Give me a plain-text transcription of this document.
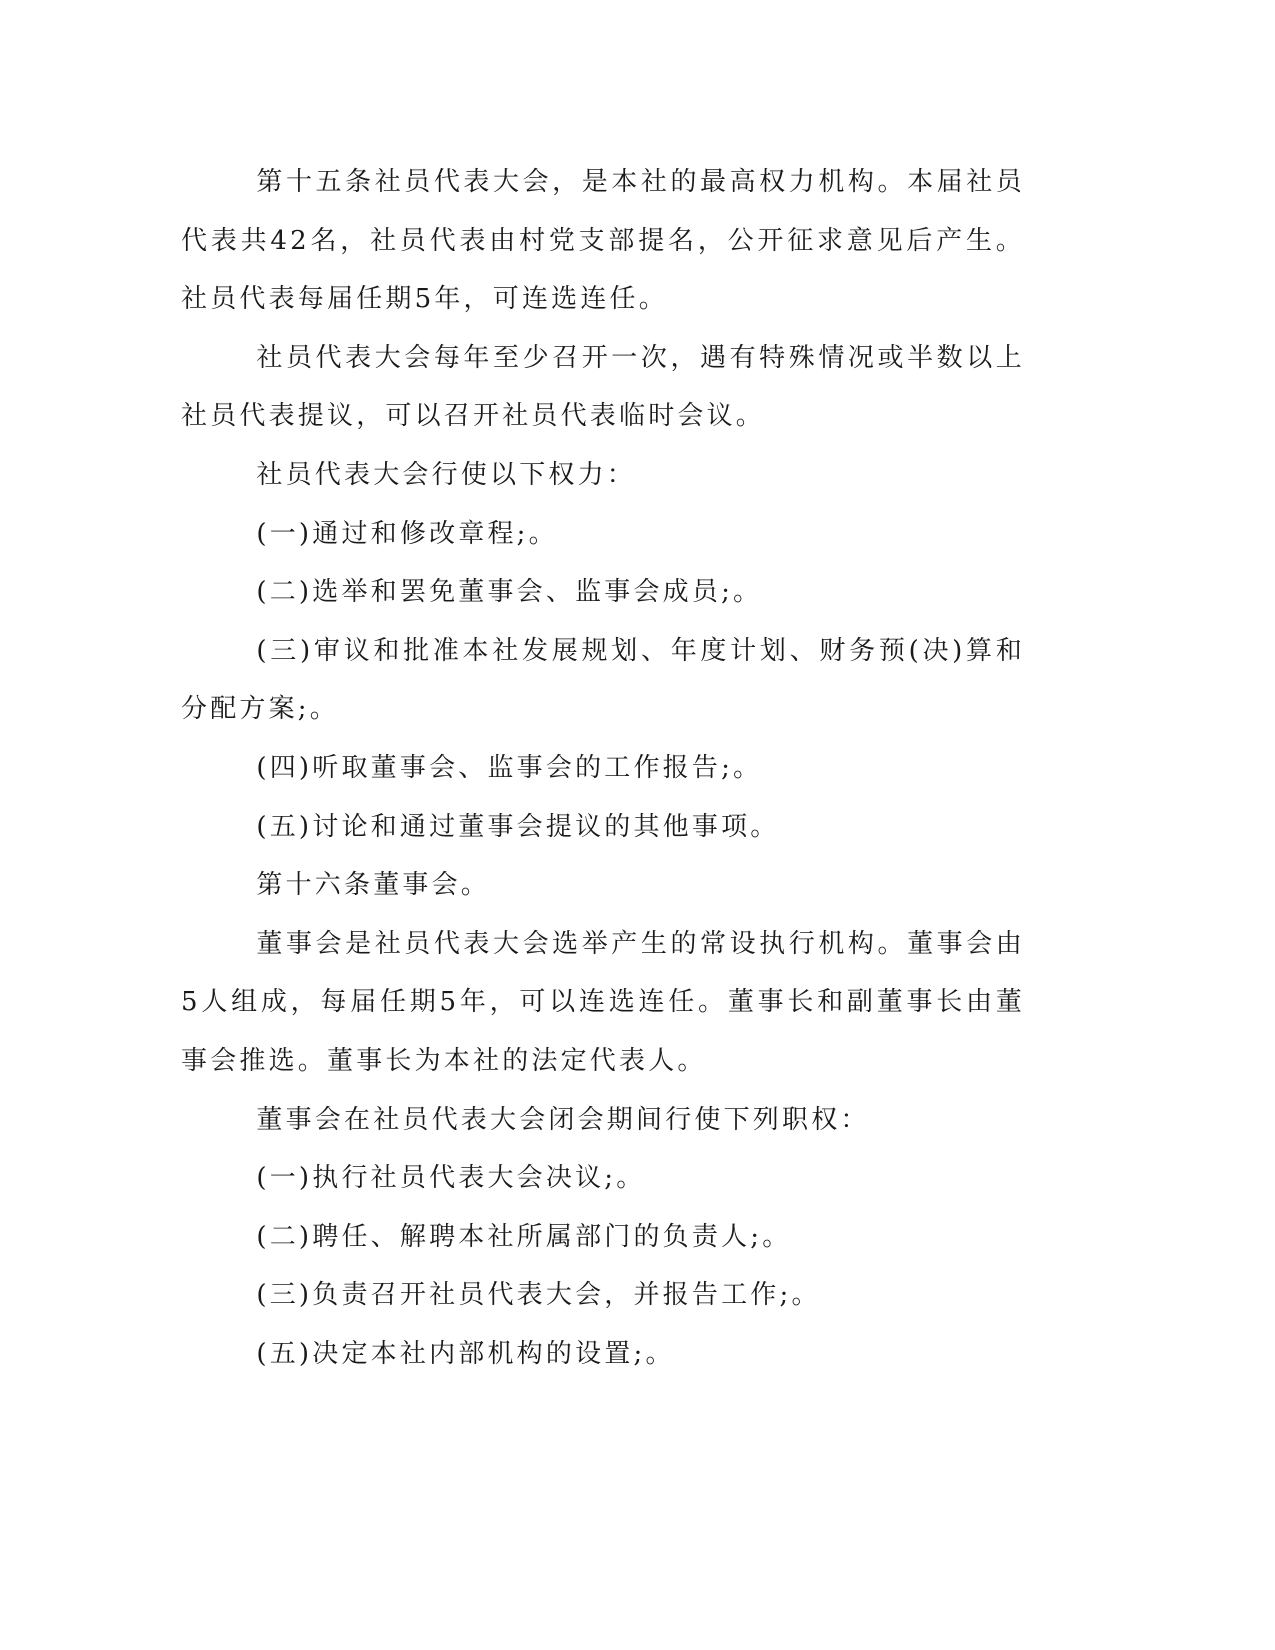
第十五条社员代表大会，是本社的最高权力机构。本届社员代表共42名，社员代表由村党支部提名，公开征求意见后产生。社员代表每届任期5年，可连选连任。

社员代表大会每年至少召开一次，遇有特殊情况或半数以上社员代表提议，可以召开社员代表临时会议。

社员代表大会行使以下权力：

(一)通过和修改章程;。

(二)选举和罢免董事会、监事会成员;。

(三)审议和批准本社发展规划、年度计划、财务预(决)算和分配方案;。

(四)听取董事会、监事会的工作报告;。

(五)讨论和通过董事会提议的其他事项。

第十六条董事会。

董事会是社员代表大会选举产生的常设执行机构。董事会由5人组成，每届任期5年，可以连选连任。董事长和副董事长由董事会推选。董事长为本社的法定代表人。

董事会在社员代表大会闭会期间行使下列职权：

(一)执行社员代表大会决议;。

(二)聘任、解聘本社所属部门的负责人;。

(三)负责召开社员代表大会，并报告工作;。

(五)决定本社内部机构的设置;。
